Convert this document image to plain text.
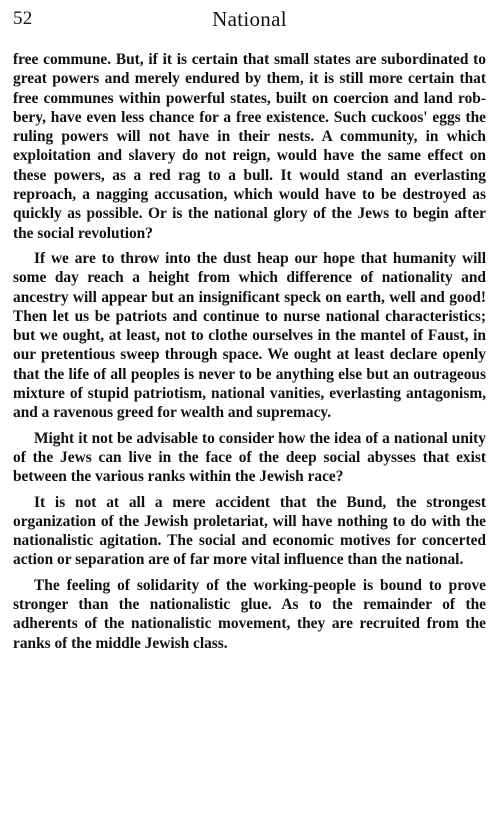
52	National

free commune. But, if it is certain that small states are subordinated to great powers and merely endured by them, it is still more certain that free communes within powerful states, built on coercion and land robbery, have even less chance for a free existence. Such cuckoos' eggs the ruling powers will not have in their nests. A community, in which exploitation and slavery do not reign, would have the same effect on these powers, as a red rag to a bull. It would stand an everlasting reproach, a nagging accusation, which would have to be destroyed as quickly as possible. Or is the national glory of the Jews to begin after the social revolution?

If we are to throw into the dust heap our hope that humanity will some day reach a height from which difference of nationality and ancestry will appear but an insignificant speck on earth, well and good! Then let us be patriots and continue to nurse national characteristics; but we ought, at least, not to clothe ourselves in the mantel of Faust, in our pretentious sweep through space. We ought at least declare openly that the life of all peoples is never to be anything else but an outrageous mixture of stupid patriotism, national vanities, everlasting antagonism, and a ravenous greed for wealth and supremacy.

Might it not be advisable to consider how the idea of a national unity of the Jews can live in the face of the deep social abysses that exist between the various ranks within the Jewish race?

It is not at all a mere accident that the Bund, the strongest organization of the Jewish proletariat, will have nothing to do with the nationalistic agitation. The social and economic motives for concerted action or separation are of far more vital influence than the national.

The feeling of solidarity of the working-people is bound to prove stronger than the nationalistic glue. As to the remainder of the adherents of the nationalistic movement, they are recruited from the ranks of the middle Jewish class.
